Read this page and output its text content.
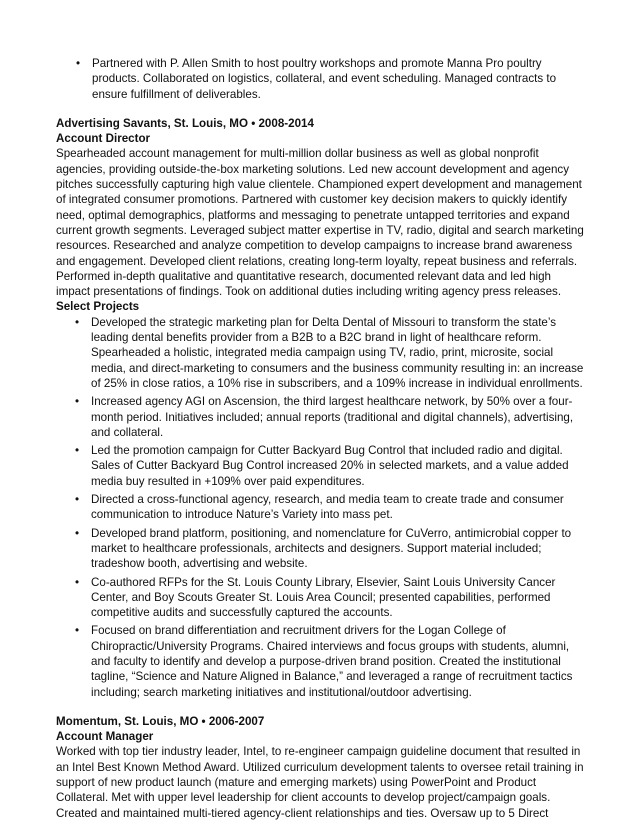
• Partnered with P. Allen Smith to host poultry workshops and promote Manna Pro poultry products. Collaborated on logistics, collateral, and event scheduling. Managed contracts to ensure fulfillment of deliverables.
Advertising Savants, St. Louis, MO • 2008-2014
Account Director

Spearheaded account management for multi-million dollar business as well as global nonprofit agencies, providing outside-the-box marketing solutions. Led new account development and agency pitches successfully capturing high value clientele. Championed expert development and management of integrated consumer promotions. Partnered with customer key decision makers to quickly identify need, optimal demographics, platforms and messaging to penetrate untapped territories and expand current growth segments. Leveraged subject matter expertise in TV, radio, digital and search marketing resources. Researched and analyze competition to develop campaigns to increase brand awareness and engagement. Developed client relations, creating long-term loyalty, repeat business and referrals. Performed in-depth qualitative and quantitative research, documented relevant data and led high impact presentations of findings. Took on additional duties including writing agency press releases.

Select Projects
• Developed the strategic marketing plan for Delta Dental of Missouri to transform the state’s leading dental benefits provider from a B2B to a B2C brand in light of healthcare reform. Spearheaded a holistic, integrated media campaign using TV, radio, print, microsite, social media, and direct-marketing to consumers and the business community resulting in: an increase of 25% in close ratios, a 10% rise in subscribers, and a 109% increase in individual enrollments.
• Increased agency AGI on Ascension, the third largest healthcare network, by 50% over a four-month period. Initiatives included; annual reports (traditional and digital channels), advertising, and collateral.
• Led the promotion campaign for Cutter Backyard Bug Control that included radio and digital. Sales of Cutter Backyard Bug Control increased 20% in selected markets, and a value added media buy resulted in +109% over paid expenditures.
• Directed a cross-functional agency, research, and media team to create trade and consumer communication to introduce Nature’s Variety into mass pet.
• Developed brand platform, positioning, and nomenclature for CuVerro, antimicrobial copper to market to healthcare professionals, architects and designers. Support material included; tradeshow booth, advertising and website.
• Co-authored RFPs for the St. Louis County Library, Elsevier, Saint Louis University Cancer Center, and Boy Scouts Greater St. Louis Area Council; presented capabilities, performed competitive audits and successfully captured the accounts.
• Focused on brand differentiation and recruitment drivers for the Logan College of Chiropractic/University Programs. Chaired interviews and focus groups with students, alumni, and faculty to identify and develop a purpose-driven brand position. Created the institutional tagline, “Science and Nature Aligned in Balance,” and leveraged a range of recruitment tactics including; search marketing initiatives and institutional/outdoor advertising.
Momentum, St. Louis, MO • 2006-2007
Account Manager

Worked with top tier industry leader, Intel, to re-engineer campaign guideline document that resulted in an Intel Best Known Method Award. Utilized curriculum development talents to oversee retail training in support of new product launch (mature and emerging markets) using PowerPoint and Product Collateral. Met with upper level leadership for client accounts to develop project/campaign goals. Created and maintained multi-tiered agency-client relationships and ties. Oversaw up to 5 Direct
